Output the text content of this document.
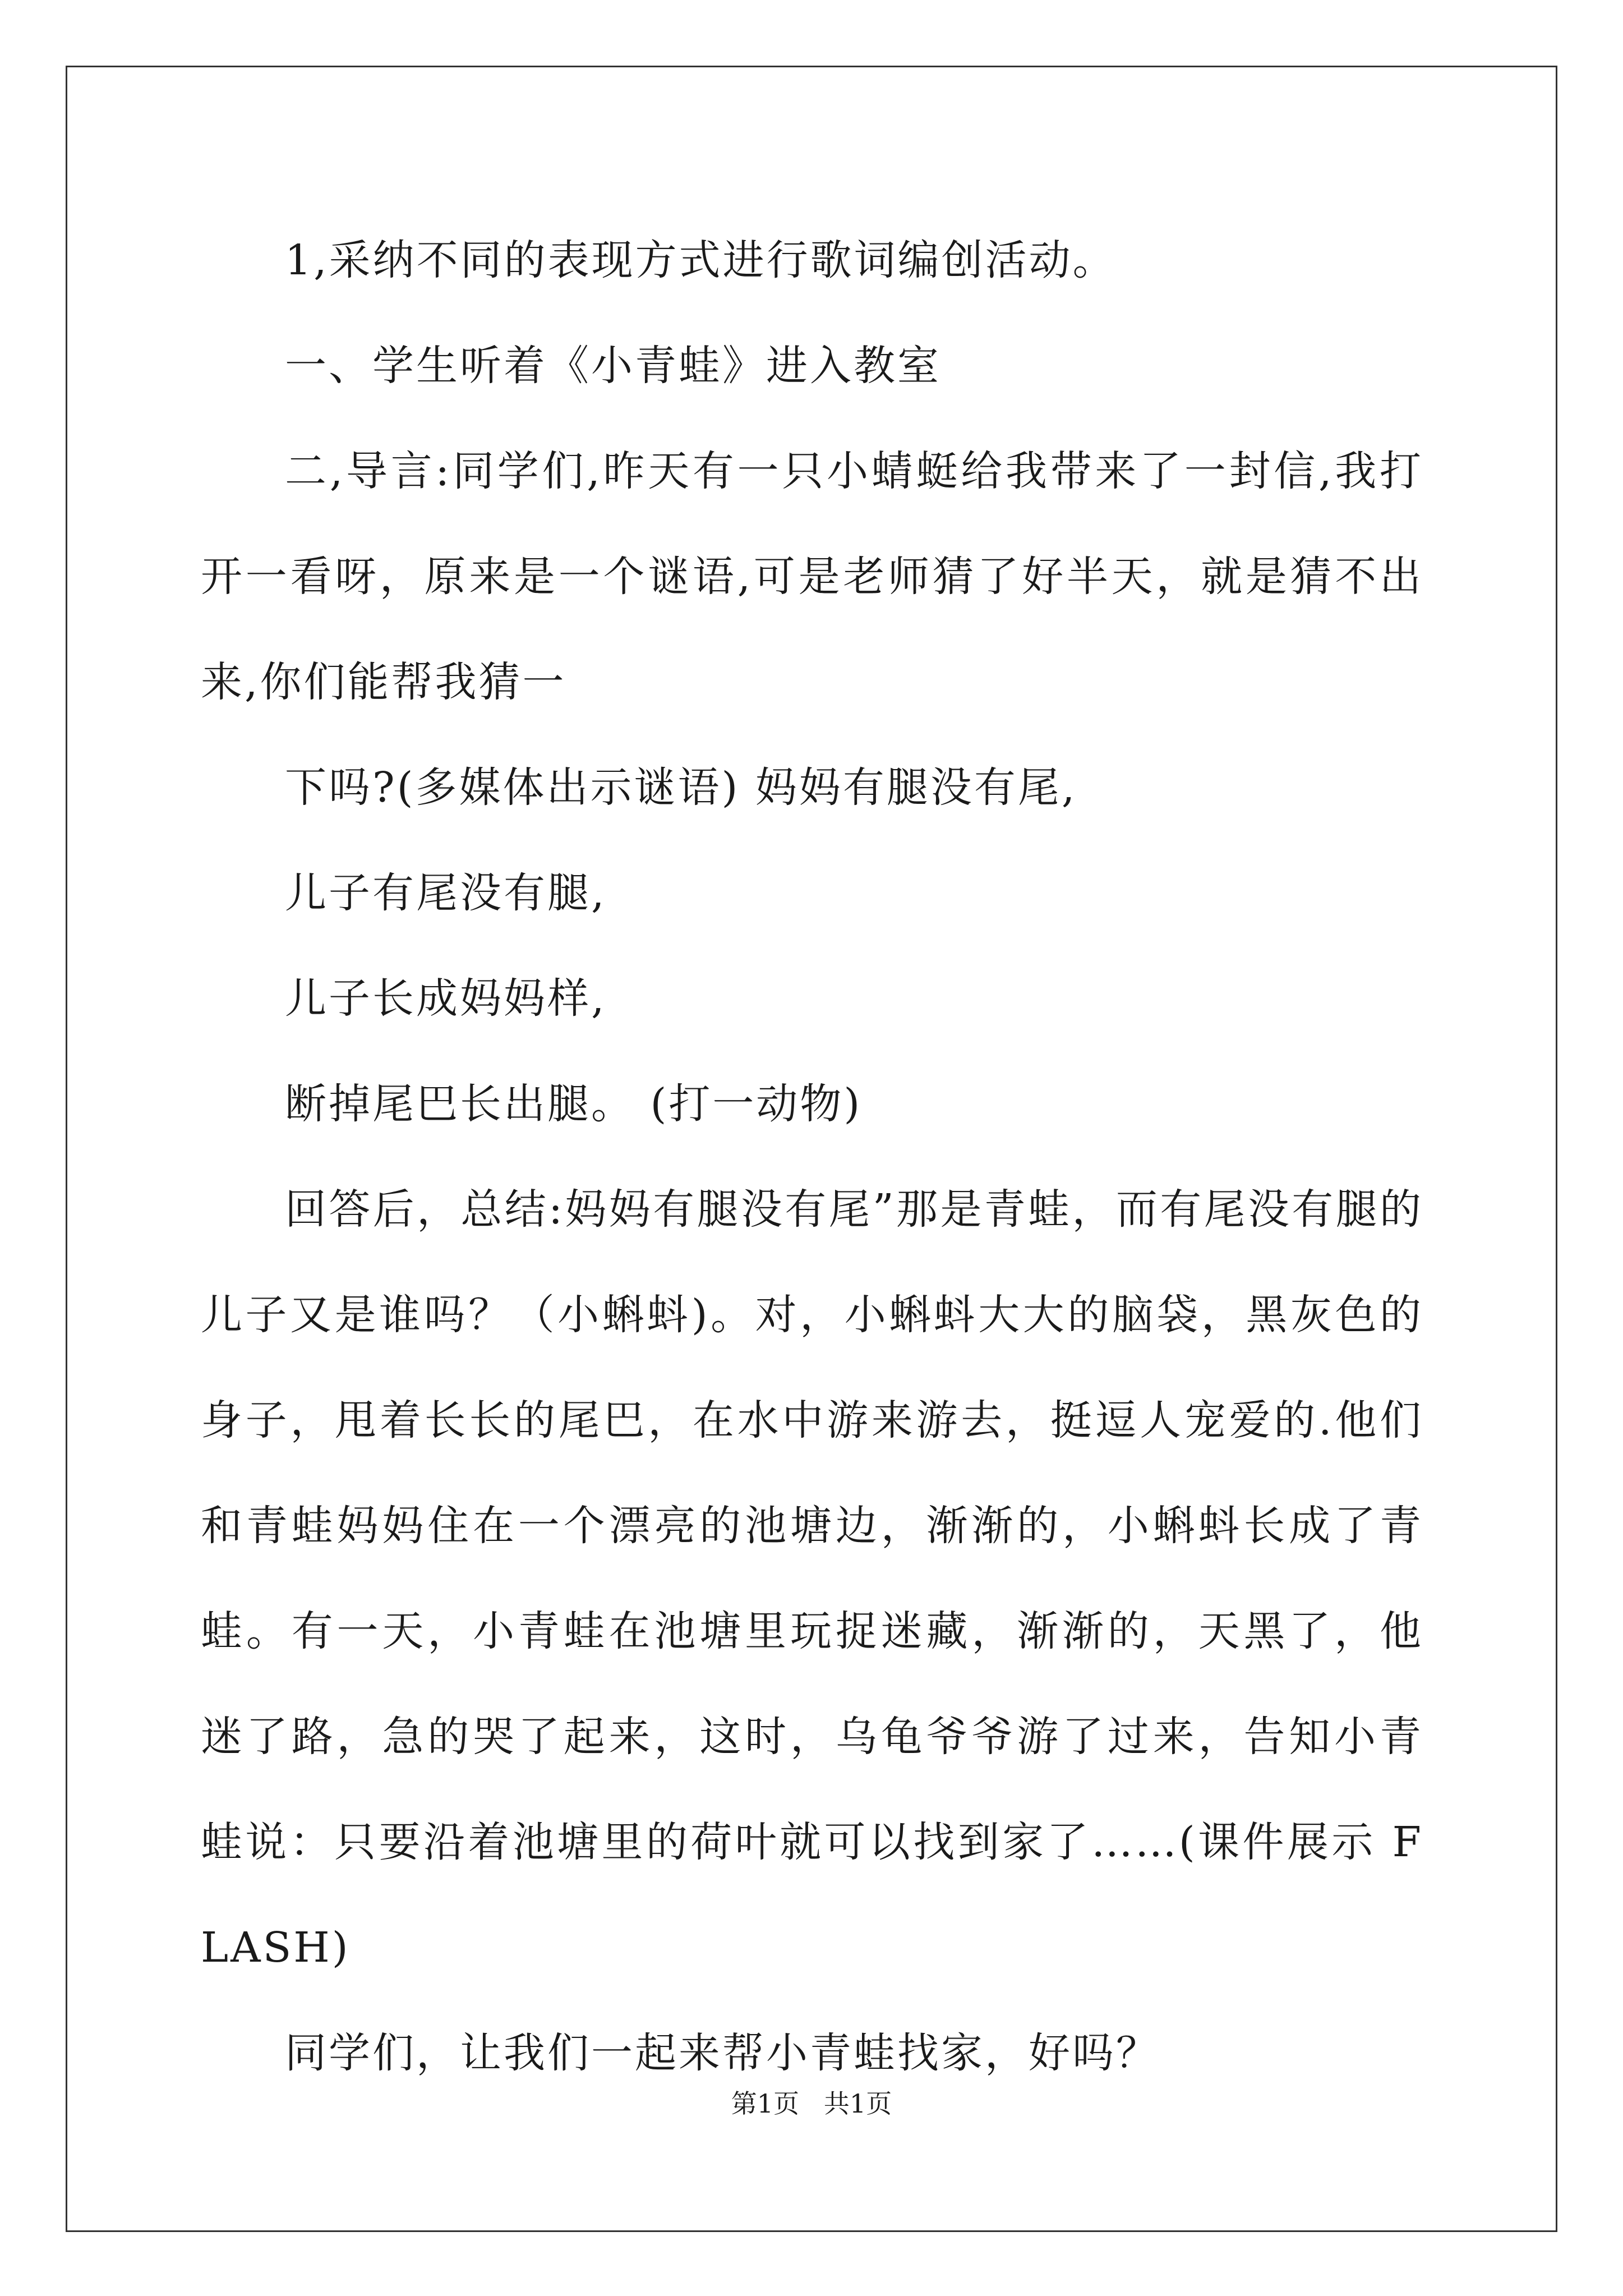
1,采纳不同的表现方式进行歌词编创活动。

一、学生听着《小青蛙》进入教室

二,导言:同学们,昨天有一只小蜻蜓给我带来了一封信,我打开一看呀，原来是一个谜语,可是老师猜了好半天，就是猜不出来,你们能帮我猜一

下吗?(多媒体出示谜语) 妈妈有腿没有尾,

儿子有尾没有腿,

儿子长成妈妈样,

断掉尾巴长出腿。 (打一动物)

回答后，总结:妈妈有腿没有尾”那是青蛙，而有尾没有腿的儿子又是谁吗？（小蝌蚪)。对，小蝌蚪大大的脑袋，黑灰色的身子，甩着长长的尾巴，在水中游来游去，挺逗人宠爱的.他们和青蛙妈妈住在一个漂亮的池塘边，渐渐的，小蝌蚪长成了青蛙。有一天，小青蛙在池塘里玩捉迷藏，渐渐的，天黑了，他迷了路，急的哭了起来，这时，乌龟爷爷游了过来，告知小青蛙说：只要沿着池塘里的荷叶就可以找到家了……(课件展示 FLASH)

同学们，让我们一起来帮小青蛙找家，好吗？

第1页   共1页
